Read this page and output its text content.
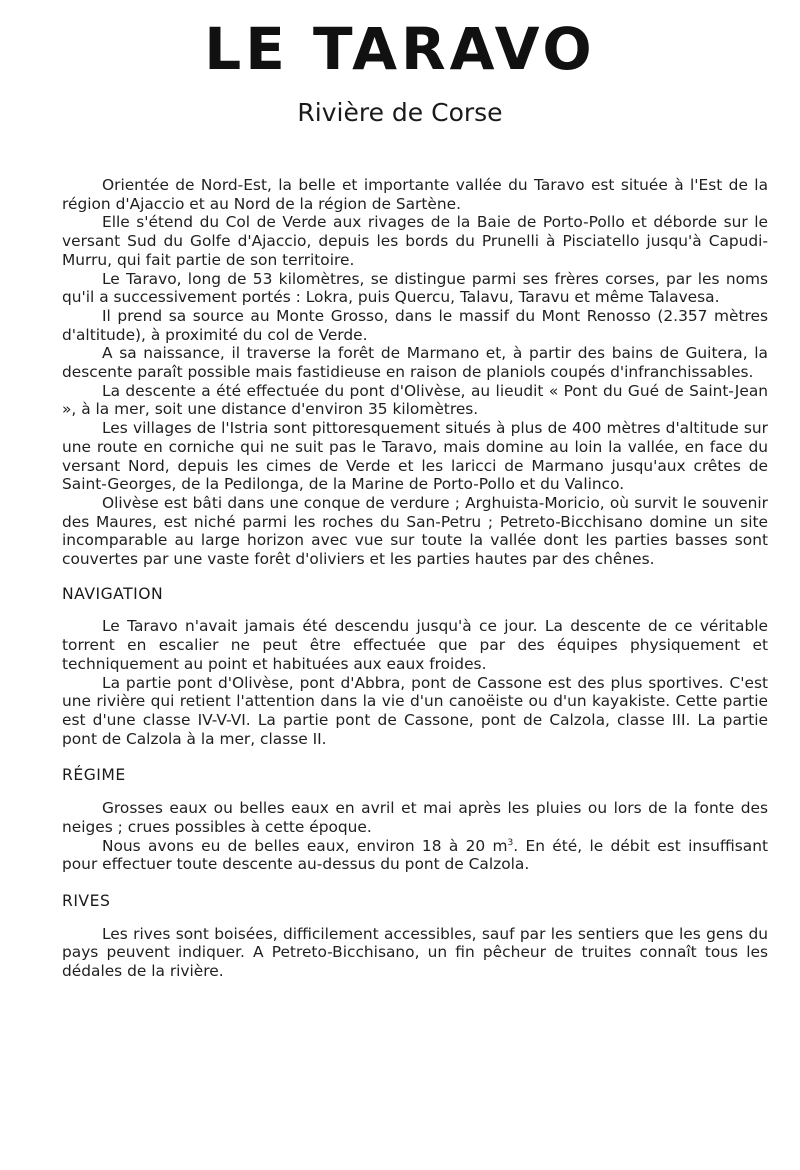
LE TARAVO
Rivière de Corse

Orientée de Nord-Est, la belle et importante vallée du Taravo est située à l'Est de la région d'Ajaccio et au Nord de la région de Sartène.

Elle s'étend du Col de Verde aux rivages de la Baie de Porto-Pollo et déborde sur le versant Sud du Golfe d'Ajaccio, depuis les bords du Prunelli à Pisciatello jusqu'à Capudi-Murru, qui fait partie de son territoire.

Le Taravo, long de 53 kilomètres, se distingue parmi ses frères corses, par les noms qu'il a successivement portés : Lokra, puis Quercu, Talavu, Taravu et même Talavesa.

Il prend sa source au Monte Grosso, dans le massif du Mont Renosso (2.357 mètres d'altitude), à proximité du col de Verde.

A sa naissance, il traverse la forêt de Marmano et, à partir des bains de Guitera, la descente paraît possible mais fastidieuse en raison de planiols coupés d'infranchissables.

La descente a été effectuée du pont d'Olivèse, au lieudit « Pont du Gué de Saint-Jean », à la mer, soit une distance d'environ 35 kilomètres.

Les villages de l'Istria sont pittoresquement situés à plus de 400 mètres d'altitude sur une route en corniche qui ne suit pas le Taravo, mais domine au loin la vallée, en face du versant Nord, depuis les cimes de Verde et les laricci de Marmano jusqu'aux crêtes de Saint-Georges, de la Pedilonga, de la Marine de Porto-Pollo et du Valinco.

Olivèse est bâti dans une conque de verdure ; Arghuista-Moricio, où survit le souvenir des Maures, est niché parmi les roches du San-Petru ; Petreto-Bicchisano domine un site incomparable au large horizon avec vue sur toute la vallée dont les parties basses sont couvertes par une vaste forêt d'oliviers et les parties hautes par des chênes.

NAVIGATION

Le Taravo n'avait jamais été descendu jusqu'à ce jour. La descente de ce véritable torrent en escalier ne peut être effectuée que par des équipes physiquement et techniquement au point et habituées aux eaux froides.

La partie pont d'Olivèse, pont d'Abbra, pont de Cassone est des plus sportives. C'est une rivière qui retient l'attention dans la vie d'un canoëiste ou d'un kayakiste. Cette partie est d'une classe IV-V-VI. La partie pont de Cassone, pont de Calzola, classe III. La partie pont de Calzola à la mer, classe II.

RÉGIME

Grosses eaux ou belles eaux en avril et mai après les pluies ou lors de la fonte des neiges ; crues possibles à cette époque.

Nous avons eu de belles eaux, environ 18 à 20 $m^3$. En été, le débit est insuffisant pour effectuer toute descente au-dessus du pont de Calzola.

RIVES

Les rives sont boisées, difficilement accessibles, sauf par les sentiers que les gens du pays peuvent indiquer. A Petreto-Bicchisano, un fin pêcheur de truites connaît tous les dédales de la rivière.
